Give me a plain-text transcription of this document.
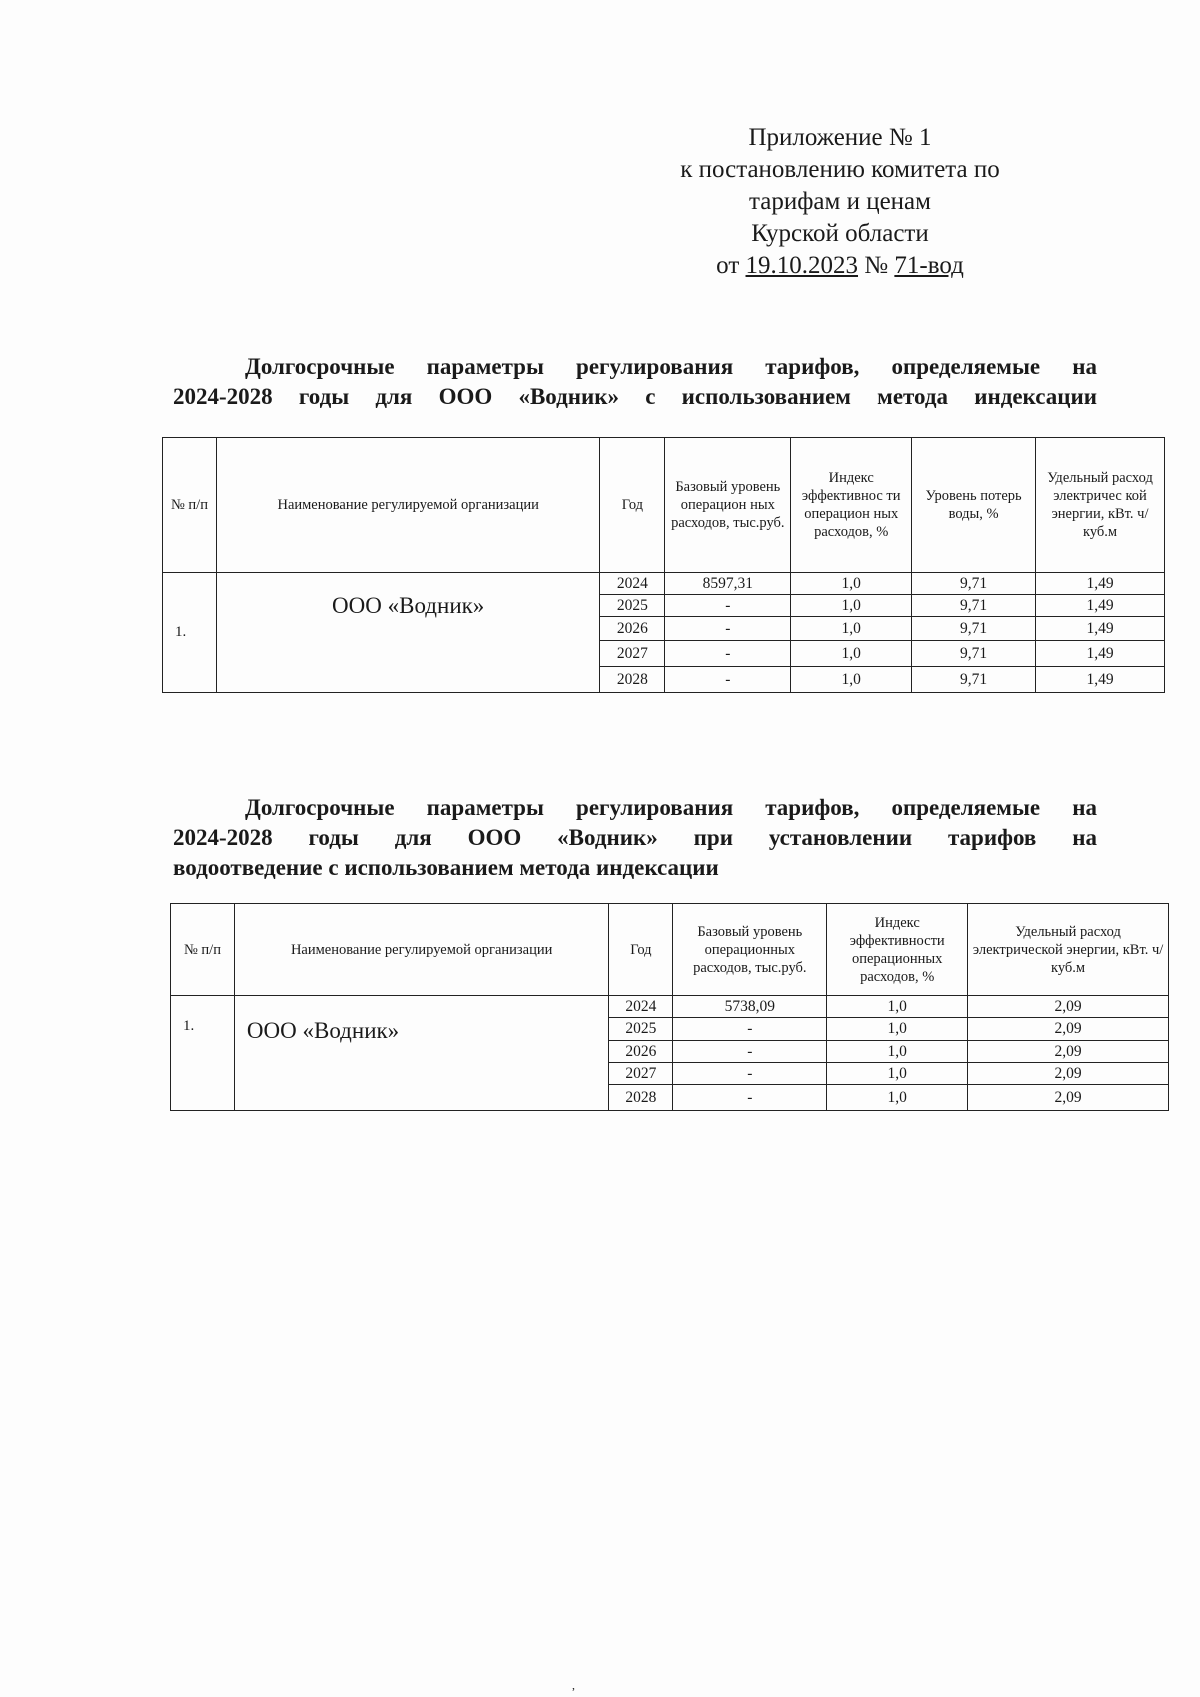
Приложение № 1
к постановлению комитета по
тарифам и ценам
Курской области
от 19.10.2023 № 71-вод
Долгосрочные параметры регулирования тарифов, определяемые на
2024-2028 годы для ООО «Водник» с использованием метода индексации
№ п/п	Наименование регулируемой организации	Год	Базовый уровень операцион ных расходов, тыс.руб.	Индекс эффективнос ти операцион ных расходов, %	Уровень потерь воды, %	Удельный расход электричес кой энергии, кВт. ч/куб.м
1.	ООО «Водник»	2024	8597,31	1,0	9,71	1,49
		2025	-	1,0	9,71	1,49
		2026	-	1,0	9,71	1,49
		2027	-	1,0	9,71	1,49
		2028	-	1,0	9,71	1,49
Долгосрочные параметры регулирования тарифов, определяемые на
2024-2028 годы для ООО «Водник» при установлении тарифов на
водоотведение с использованием метода индексации
№ п/п	Наименование регулируемой организации	Год	Базовый уровень операционных расходов, тыс.руб.	Индекс эффективности операционных расходов, %	Удельный расход электрической энергии, кВт. ч/куб.м
1.	ООО «Водник»	2024	5738,09	1,0	2,09
		2025	-	1,0	2,09
		2026	-	1,0	2,09
		2027	-	1,0	2,09
		2028	-	1,0	2,09
,
